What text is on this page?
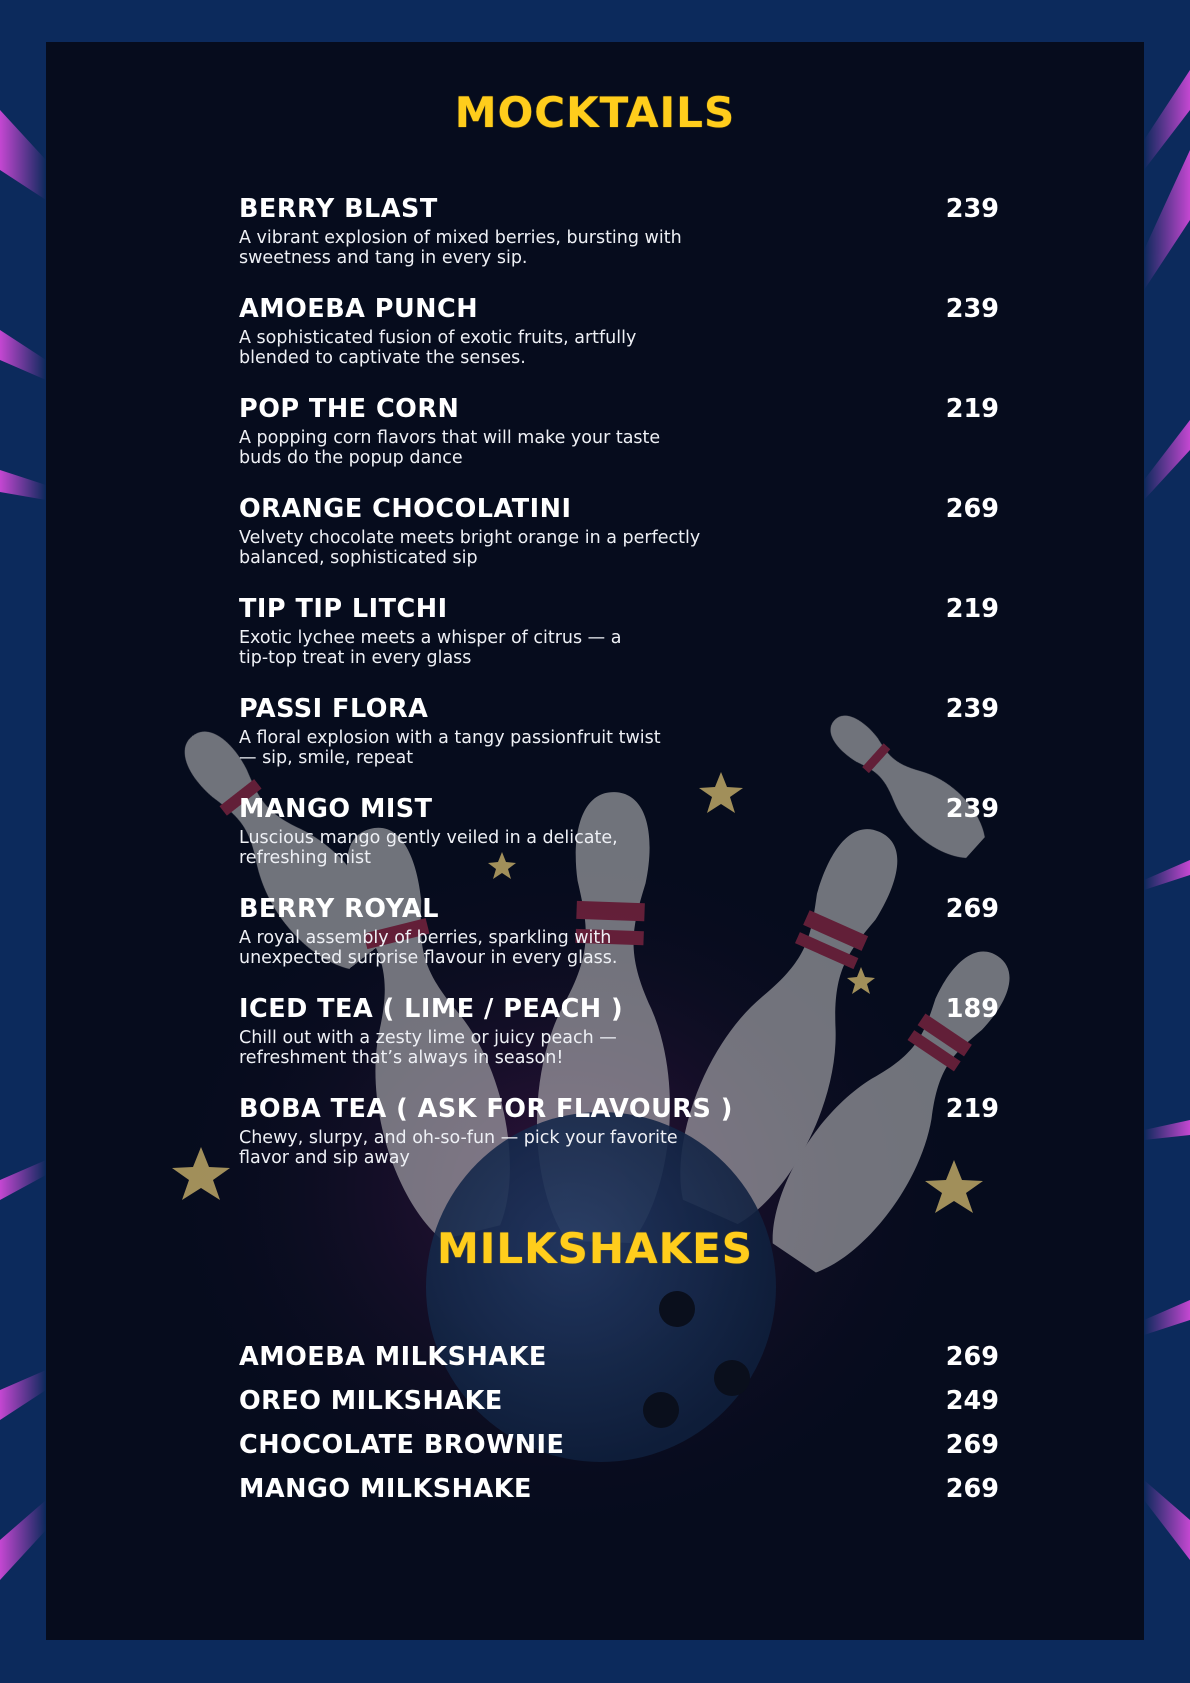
MOCKTAILS
BERRY BLAST	239
A vibrant explosion of mixed berries, bursting with
sweetness and tang in every sip.
AMOEBA PUNCH	239
A sophisticated fusion of exotic fruits, artfully
blended to captivate the senses.
POP THE CORN	219
A popping corn flavors that will make your taste
buds do the popup dance
ORANGE CHOCOLATINI	269
Velvety chocolate meets bright orange in a perfectly
balanced, sophisticated sip
TIP TIP LITCHI	219
Exotic lychee meets a whisper of citrus — a
tip-top treat in every glass
PASSI FLORA	239
A floral explosion with a tangy passionfruit twist
— sip, smile, repeat
MANGO MIST	239
Luscious mango gently veiled in a delicate,
refreshing mist
BERRY ROYAL	269
A royal assembly of berries, sparkling with
unexpected surprise flavour in every glass.
ICED TEA ( LIME / PEACH )	189
Chill out with a zesty lime or juicy peach —
refreshment that’s always in season!
BOBA TEA ( ASK FOR FLAVOURS )	219
Chewy, slurpy, and oh-so-fun — pick your favorite
flavor and sip away
MILKSHAKES
AMOEBA MILKSHAKE	269
OREO MILKSHAKE	249
CHOCOLATE BROWNIE	269
MANGO MILKSHAKE	269
